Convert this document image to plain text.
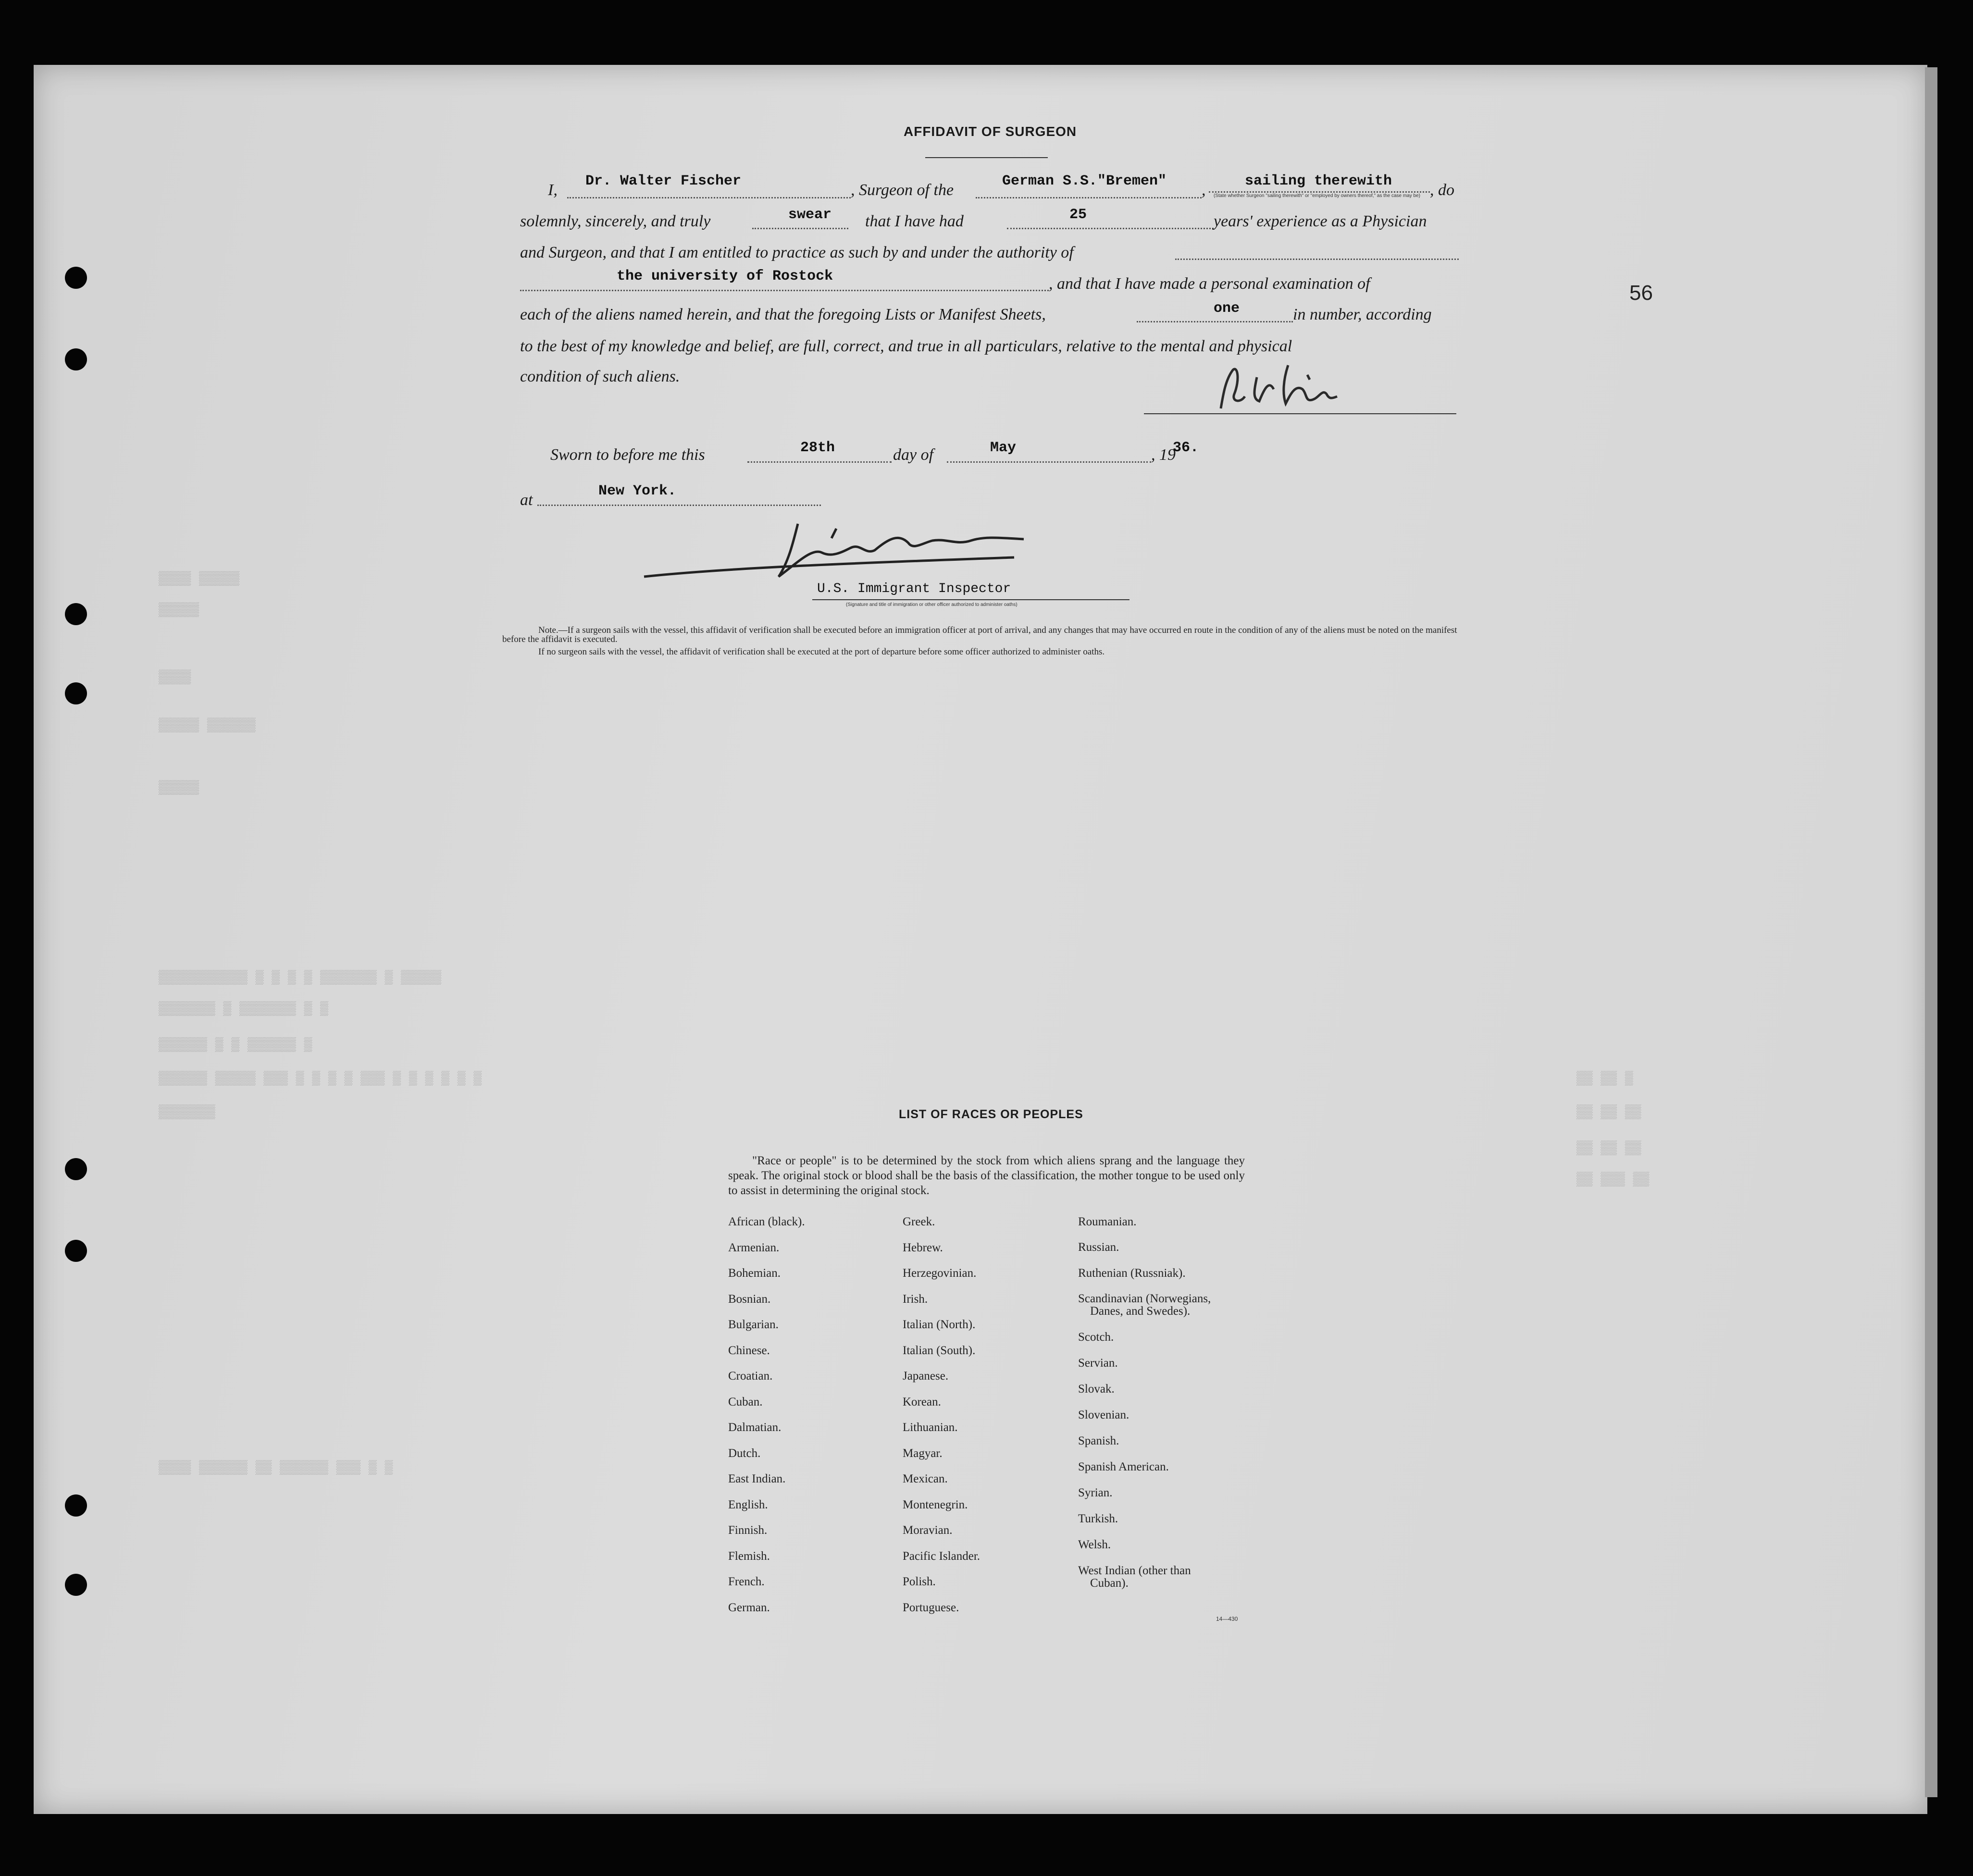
▒▒▒▒ ▒▒▒▒▒
▒▒▒▒▒
▒▒▒▒
▒▒▒▒▒ ▒▒▒▒▒▒
▒▒▒▒▒
▒▒▒▒▒▒▒▒▒▒▒ ▒ ▒ ▒ ▒ ▒▒▒▒▒▒▒ ▒ ▒▒▒▒▒
▒▒▒▒▒▒▒ ▒ ▒▒▒▒▒▒▒ ▒ ▒
▒▒▒▒▒▒ ▒ ▒ ▒▒▒▒▒▒ ▒
▒▒▒▒▒▒ ▒▒▒▒▒ ▒▒▒ ▒ ▒ ▒ ▒ ▒▒▒ ▒ ▒ ▒ ▒ ▒ ▒
▒▒▒▒▒▒▒
▒▒ ▒▒ ▒
▒▒ ▒▒ ▒▒
▒▒ ▒▒ ▒▒
▒▒ ▒▒▒ ▒▒
▒▒▒▒ ▒▒▒▒▒▒ ▒▒ ▒▒▒▒▒▒ ▒▒▒ ▒ ▒
56
AFFIDAVIT OF SURGEON
I, Dr. Walter Fischer	, Surgeon of the	German S.S."Bremen" ,	sailing therewith
(State whether Surgeon "sailing therewith" or "employed by owners thereof," as the case may be) , do
solemnly, sincerely, and truly	swear that I have had	25	years' experience as a Physician
and Surgeon, and that I am entitled to practice as such by and under the authority of
the university of Rostock	, and that I have made a personal examination of
each of the aliens named herein, and that the foregoing Lists or Manifest Sheets,	one	in number, according
to the best of my knowledge and belief, are full, correct, and true in all particulars, relative to the mental and physical
condition of such aliens.
Sworn to before me this	28th	day of	May	, 19
36.
at	New York.
U.S. Immigrant Inspector
(Signature and title of immigration or other officer authorized to administer oaths)
Note.—If a surgeon sails with the vessel, this affidavit of verification shall be executed before an immigration officer at port of arrival, and any changes that may have occurred en route in the condition of any of the aliens must be noted on the manifest before the affidavit is executed.
If no surgeon sails with the vessel, the affidavit of verification shall be executed at the port of departure before some officer authorized to administer oaths.
LIST OF RACES OR PEOPLES
"Race or people" is to be determined by the stock from which aliens sprang and the language they speak. The original stock or blood shall be the basis of the classification, the mother tongue to be used only to assist in determining the original stock.
African (black).
Armenian.
Bohemian.
Bosnian.
Bulgarian.
Chinese.
Croatian.
Cuban.
Dalmatian.
Dutch.
East Indian.
English.
Finnish.
Flemish.
French.
German.
Greek.
Hebrew.
Herzegovinian.
Irish.
Italian (North).
Italian (South).
Japanese.
Korean.
Lithuanian.
Magyar.
Mexican.
Montenegrin.
Moravian.
Pacific Islander.
Polish.
Portuguese.
Roumanian.
Russian.
Ruthenian (Russniak).
Scandinavian (Norwegians,
Danes, and Swedes).
Scotch.
Servian.
Slovak.
Slovenian.
Spanish.
Spanish American.
Syrian.
Turkish.
Welsh.
West Indian (other than
Cuban).
14—430
